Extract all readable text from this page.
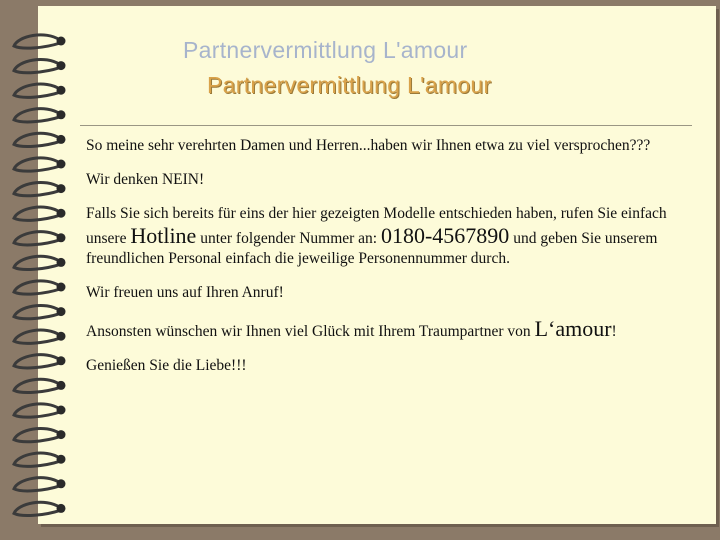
Partnervermittlung L'amour
Partnervermittlung L'amour

So meine sehr verehrten Damen und Herren...haben wir Ihnen etwa zu viel versprochen???

Wir denken NEIN!

Falls Sie sich bereits für eins der hier gezeigten Modelle entschieden haben, rufen Sie einfach unsere Hotline unter folgender Nummer an: 0180-4567890 und geben Sie unserem freundlichen Personal einfach die jeweilige Personennummer durch.

Wir freuen uns auf Ihren Anruf!

Ansonsten wünschen wir Ihnen viel Glück mit Ihrem Traumpartner von L‘amour!

Genießen Sie die Liebe!!!
